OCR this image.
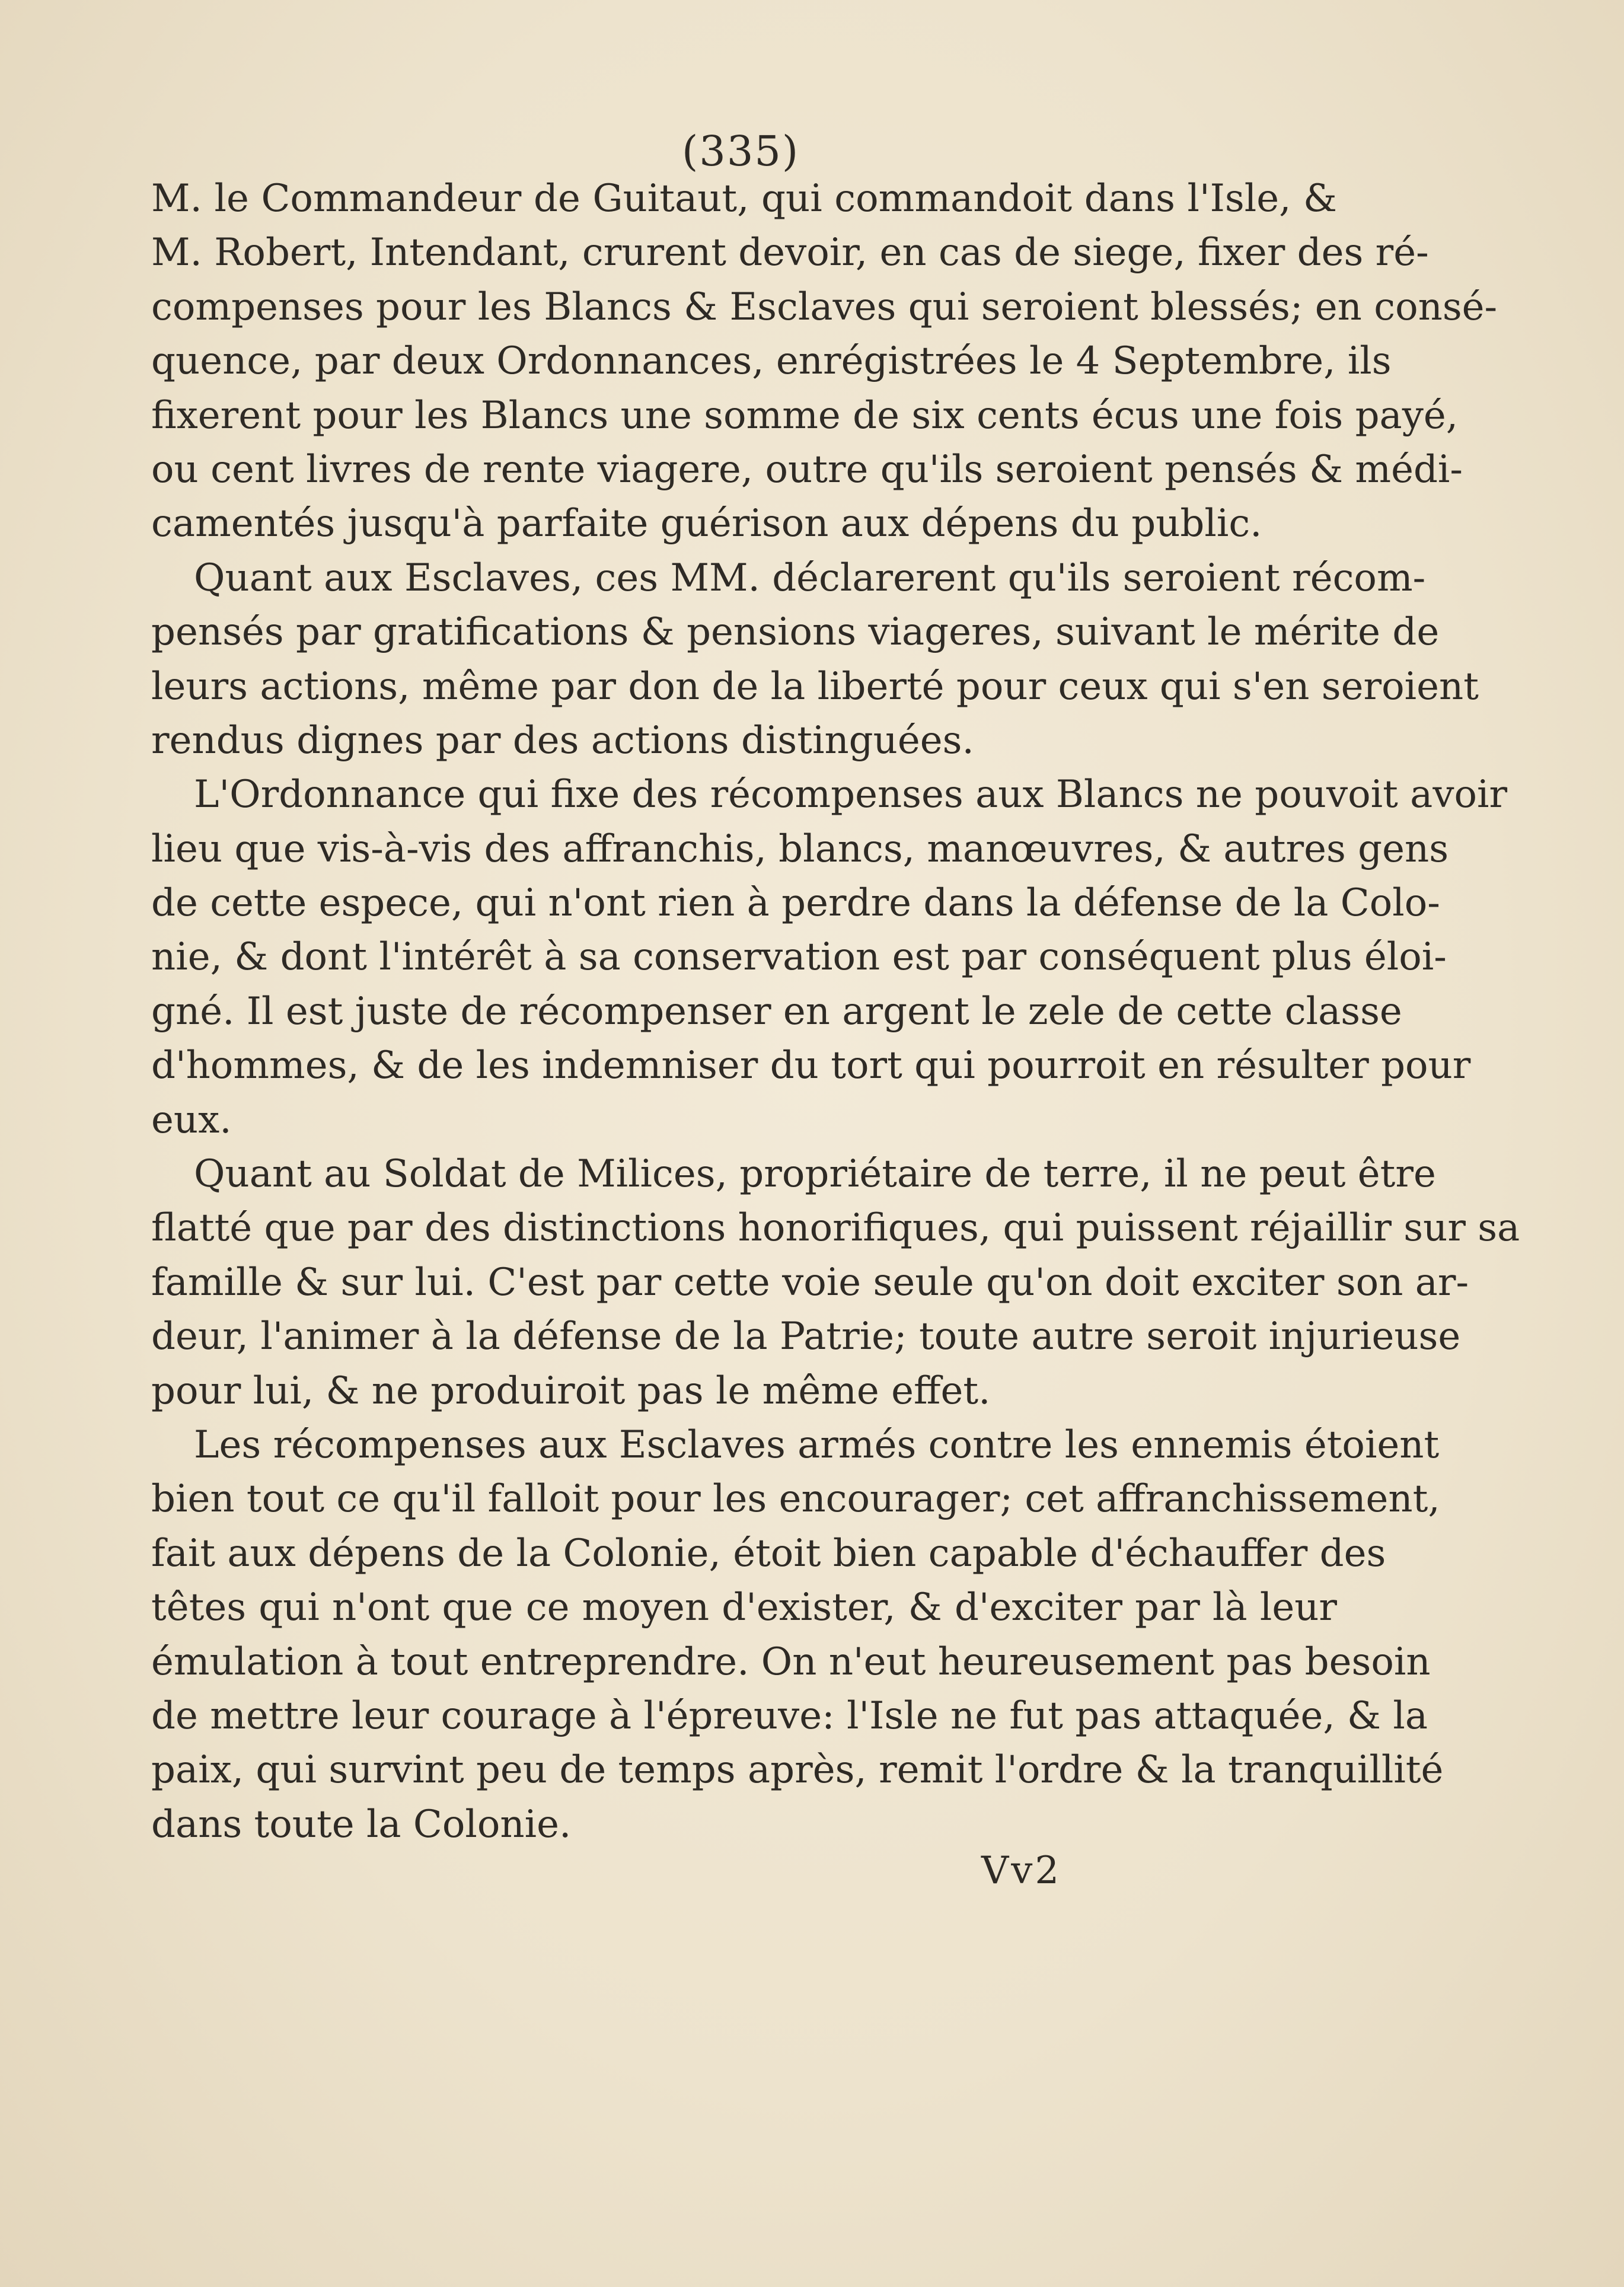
(335)
M. le Commandeur de Guitaut, qui commandoit dans l'Isle, &
M. Robert, Intendant, crurent devoir, en cas de siege, fixer des ré-
compenses pour les Blancs & Esclaves qui seroient blessés; en consé-
quence, par deux Ordonnances, enrégistrées le 4 Septembre, ils
fixerent pour les Blancs une somme de six cents écus une fois payé,
ou cent livres de rente viagere, outre qu'ils seroient pensés & médi-
camentés jusqu'à parfaite guérison aux dépens du public.
Quant aux Esclaves, ces MM. déclarerent qu'ils seroient récom-
pensés par gratifications & pensions viageres, suivant le mérite de
leurs actions, même par don de la liberté pour ceux qui s'en seroient
rendus dignes par des actions distinguées.
L'Ordonnance qui fixe des récompenses aux Blancs ne pouvoit avoir
lieu que vis-à-vis des affranchis, blancs, manœuvres, & autres gens
de cette espece, qui n'ont rien à perdre dans la défense de la Colo-
nie, & dont l'intérêt à sa conservation est par conséquent plus éloi-
gné. Il est juste de récompenser en argent le zele de cette classe
d'hommes, & de les indemniser du tort qui pourroit en résulter pour
eux.
Quant au Soldat de Milices, propriétaire de terre, il ne peut être
flatté que par des distinctions honorifiques, qui puissent réjaillir sur sa
famille & sur lui. C'est par cette voie seule qu'on doit exciter son ar-
deur, l'animer à la défense de la Patrie; toute autre seroit injurieuse
pour lui, & ne produiroit pas le même effet.
Les récompenses aux Esclaves armés contre les ennemis étoient
bien tout ce qu'il falloit pour les encourager; cet affranchissement,
fait aux dépens de la Colonie, étoit bien capable d'échauffer des
têtes qui n'ont que ce moyen d'exister, & d'exciter par là leur
émulation à tout entreprendre. On n'eut heureusement pas besoin
de mettre leur courage à l'épreuve: l'Isle ne fut pas attaquée, & la
paix, qui survint peu de temps après, remit l'ordre & la tranquillité
dans toute la Colonie.
Vv2
